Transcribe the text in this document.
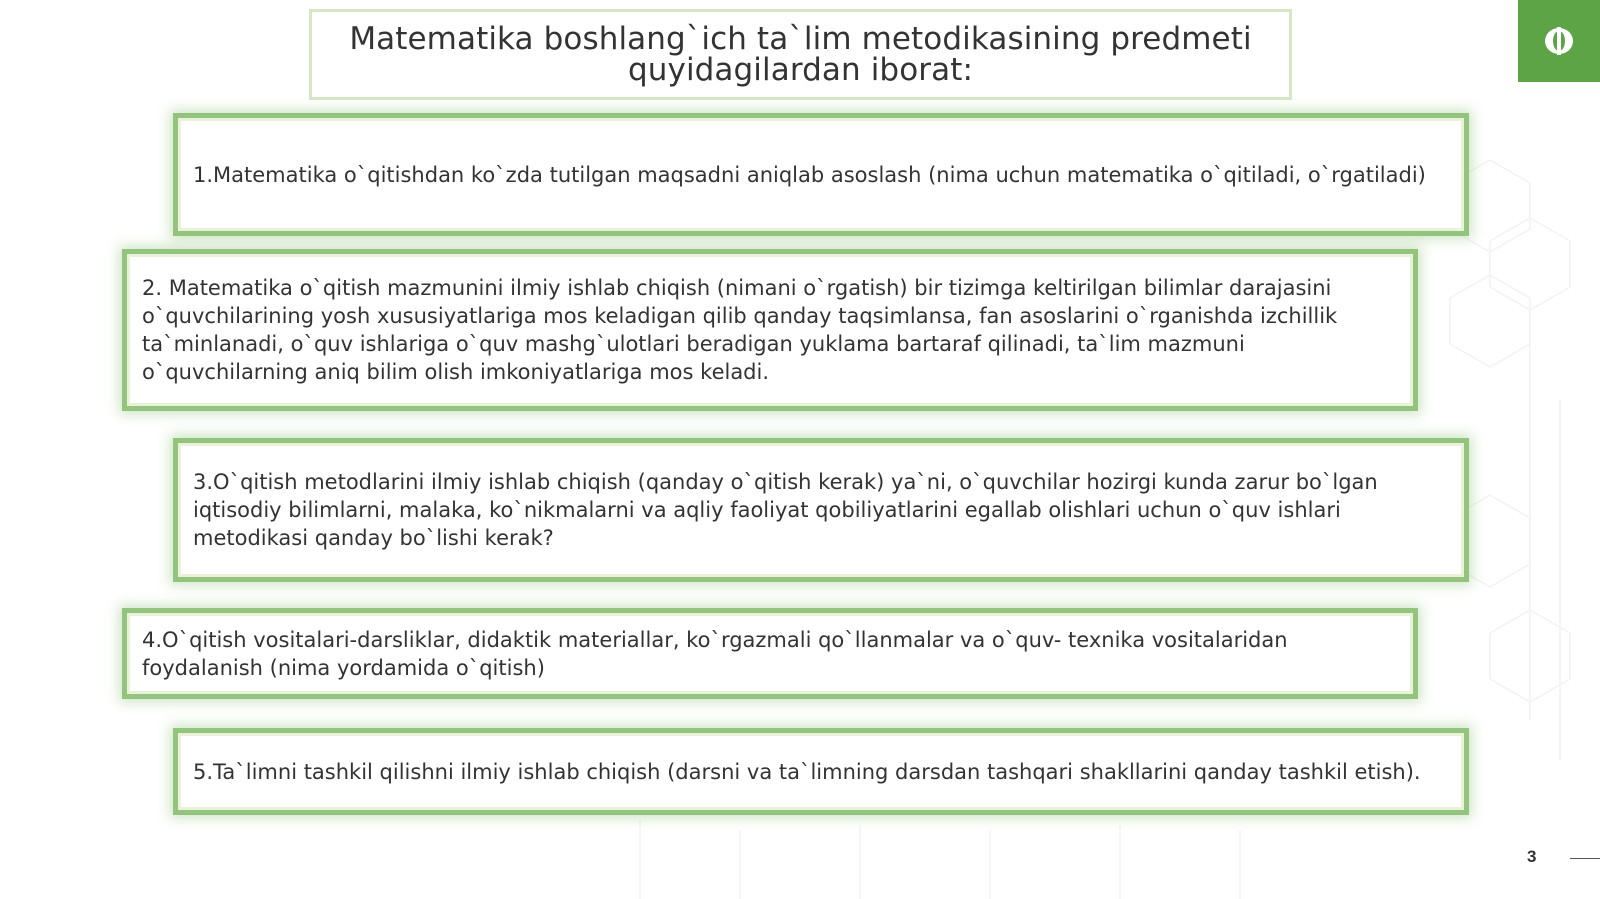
Matematika boshlang`ich ta`lim metodikasining predmeti
quyidagilardan iborat:
1.Matematika o`qitishdan ko`zda tutilgan maqsadni aniqlab asoslash (nima uchun matematika o`qitiladi, o`rgatiladi)
2. Matematika o`qitish mazmunini ilmiy ishlab chiqish (nimani o`rgatish) bir tizimga keltirilgan bilimlar darajasini o`quvchilarining yosh xususiyatlariga mos keladigan qilib qanday taqsimlansa, fan asoslarini o`rganishda izchillik ta`minlanadi, o`quv ishlariga o`quv mashg`ulotlari beradigan yuklama bartaraf qilinadi, ta`lim mazmuni o`quvchilarning aniq bilim olish imkoniyatlariga mos keladi.
3.O`qitish metodlarini ilmiy ishlab chiqish (qanday o`qitish kerak) ya`ni, o`quvchilar hozirgi kunda zarur bo`lgan iqtisodiy bilimlarni, malaka, ko`nikmalarni va aqliy faoliyat qobiliyatlarini egallab olishlari uchun o`quv ishlari metodikasi qanday bo`lishi kerak?
4.O`qitish vositalari-darsliklar, didaktik materiallar, ko`rgazmali qo`llanmalar va o`quv- texnika vositalaridan foydalanish (nima yordamida o`qitish)
5.Ta`limni tashkil qilishni ilmiy ishlab chiqish (darsni va ta`limning darsdan tashqari shakllarini qanday tashkil etish).
3
